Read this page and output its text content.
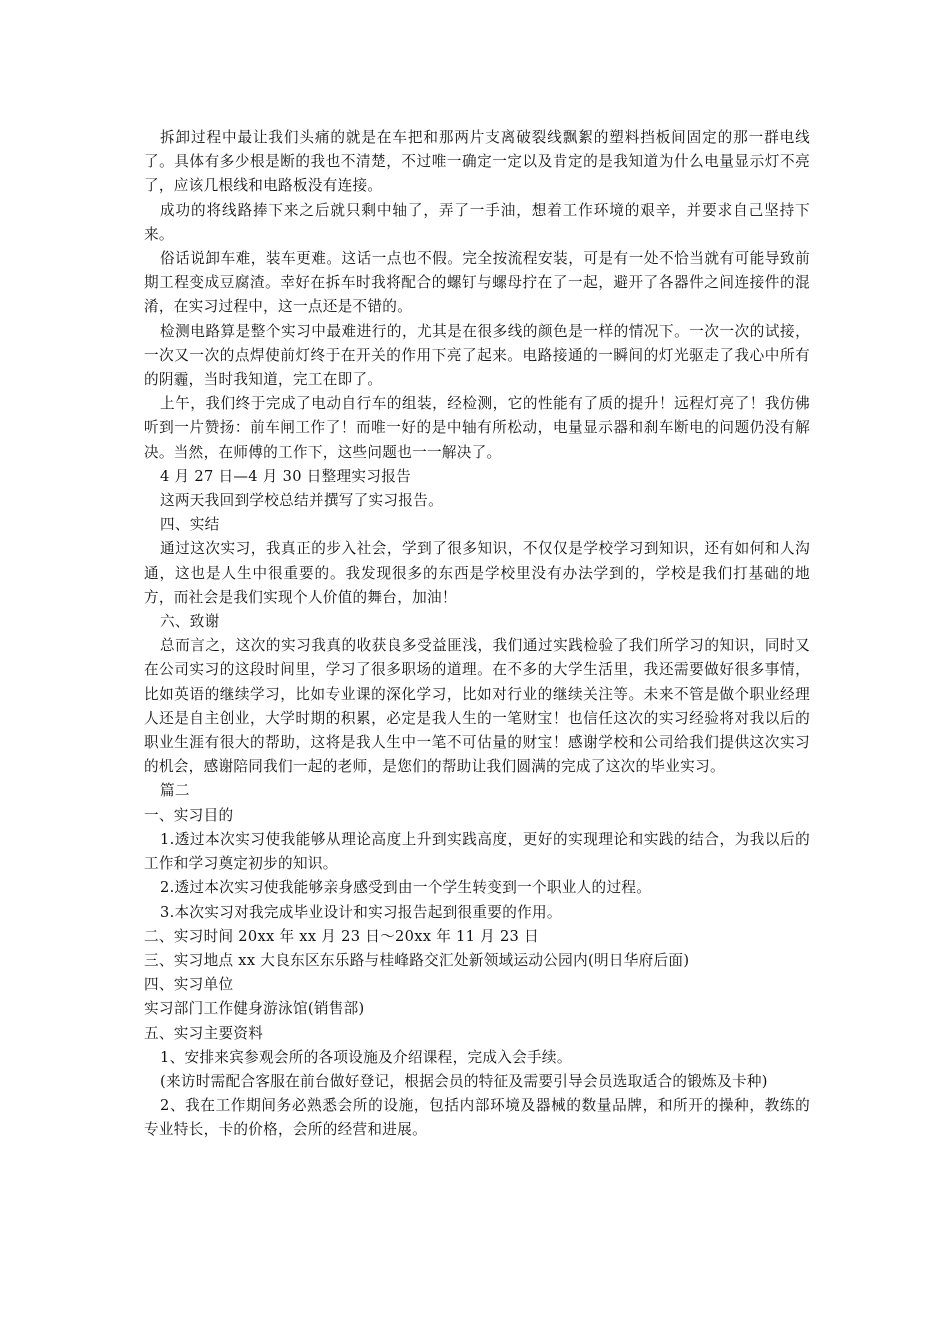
拆卸过程中最让我们头痛的就是在车把和那两片支离破裂线飘絮的塑料挡板间固定的那一群电线了。具体有多少根是断的我也不清楚，不过唯一确定一定以及肯定的是我知道为什么电量显示灯不亮了，应该几根线和电路板没有连接。

成功的将线路捧下来之后就只剩中轴了，弄了一手油，想着工作环境的艰辛，并要求自己坚持下来。

俗话说卸车难，装车更难。这话一点也不假。完全按流程安装，可是有一处不恰当就有可能导致前期工程变成豆腐渣。幸好在拆车时我将配合的螺钉与螺母拧在了一起，避开了各器件之间连接件的混淆，在实习过程中，这一点还是不错的。

检测电路算是整个实习中最难进行的，尤其是在很多线的颜色是一样的情况下。一次一次的试接，一次又一次的点焊使前灯终于在开关的作用下亮了起来。电路接通的一瞬间的灯光驱走了我心中所有的阴霾，当时我知道，完工在即了。

上午，我们终于完成了电动自行车的组装，经检测，它的性能有了质的提升！远程灯亮了！我仿佛听到一片赞扬：前车闸工作了！而唯一好的是中轴有所松动，电量显示器和刹车断电的问题仍没有解决。当然，在师傅的工作下，这些问题也一一解决了。

4 月 27 日—4 月 30 日整理实习报告

这两天我回到学校总结并撰写了实习报告。

四、实结

通过这次实习，我真正的步入社会，学到了很多知识，不仅仅是学校学习到知识，还有如何和人沟通，这也是人生中很重要的。我发现很多的东西是学校里没有办法学到的，学校是我们打基础的地方，而社会是我们实现个人价值的舞台，加油！

六、致谢

总而言之，这次的实习我真的收获良多受益匪浅，我们通过实践检验了我们所学习的知识，同时又在公司实习的这段时间里，学习了很多职场的道理。在不多的大学生活里，我还需要做好很多事情，比如英语的继续学习，比如专业课的深化学习，比如对行业的继续关注等。未来不管是做个职业经理人还是自主创业，大学时期的积累，必定是我人生的一笔财宝！也信任这次的实习经验将对我以后的职业生涯有很大的帮助，这将是我人生中一笔不可估量的财宝！感谢学校和公司给我们提供这次实习的机会，感谢陪同我们一起的老师，是您们的帮助让我们圆满的完成了这次的毕业实习。

篇二

一、实习目的

1.透过本次实习使我能够从理论高度上升到实践高度，更好的实现理论和实践的结合，为我以后的工作和学习奠定初步的知识。

2.透过本次实习使我能够亲身感受到由一个学生转变到一个职业人的过程。

3.本次实习对我完成毕业设计和实习报告起到很重要的作用。

二、实习时间 20xx 年 xx 月 23 日～20xx 年 11 月 23 日

三、实习地点 xx 大良东区东乐路与桂峰路交汇处新领域运动公园内(明日华府后面)

四、实习单位

实习部门工作健身游泳馆(销售部)

五、实习主要资料

1、安排来宾参观会所的各项设施及介绍课程，完成入会手续。

(来访时需配合客服在前台做好登记，根据会员的特征及需要引导会员选取适合的锻炼及卡种)

2、我在工作期间务必熟悉会所的设施，包括内部环境及器械的数量品牌，和所开的操种，教练的专业特长，卡的价格，会所的经营和进展。
